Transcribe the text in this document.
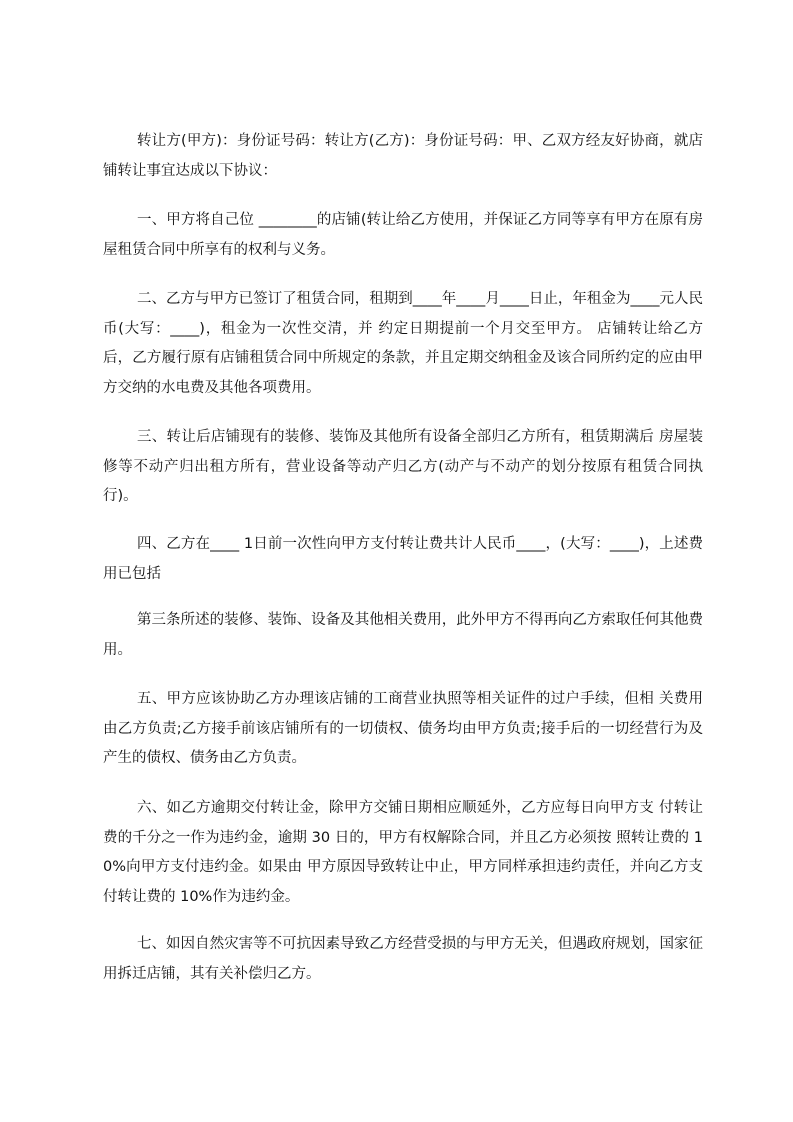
转让方(甲方)：身份证号码：转让方(乙方)：身份证号码：甲、乙双方经友好协商，就店铺转让事宜达成以下协议：

一、甲方将自己位 ________的店铺(转让给乙方使用，并保证乙方同等享有甲方在原有房屋租赁合同中所享有的权利与义务。

二、乙方与甲方已签订了租赁合同，租期到____年____月____日止，年租金为____元人民币(大写：____)，租金为一次性交清，并 约定日期提前一个月交至甲方。 店铺转让给乙方后，乙方履行原有店铺租赁合同中所规定的条款，并且定期交纳租金及该合同所约定的应由甲方交纳的水电费及其他各项费用。

三、转让后店铺现有的装修、装饰及其他所有设备全部归乙方所有，租赁期满后 房屋装修等不动产归出租方所有，营业设备等动产归乙方(动产与不动产的划分按原有租赁合同执行)。

四、乙方在____ 1日前一次性向甲方支付转让费共计人民币____，(大写：____)，上述费用已包括

第三条所述的装修、装饰、设备及其他相关费用，此外甲方不得再向乙方索取任何其他费用。

五、甲方应该协助乙方办理该店铺的工商营业执照等相关证件的过户手续，但相 关费用由乙方负责;乙方接手前该店铺所有的一切债权、债务均由甲方负责;接手后的一切经营行为及产生的债权、债务由乙方负责。

六、如乙方逾期交付转让金，除甲方交铺日期相应顺延外，乙方应每日向甲方支 付转让费的千分之一作为违约金，逾期 30 日的，甲方有权解除合同，并且乙方必须按 照转让费的 10%向甲方支付违约金。如果由 甲方原因导致转让中止，甲方同样承担违约责任，并向乙方支付转让费的 10%作为违约金。

七、如因自然灾害等不可抗因素导致乙方经营受损的与甲方无关，但遇政府规划，国家征用拆迁店铺，其有关补偿归乙方。
